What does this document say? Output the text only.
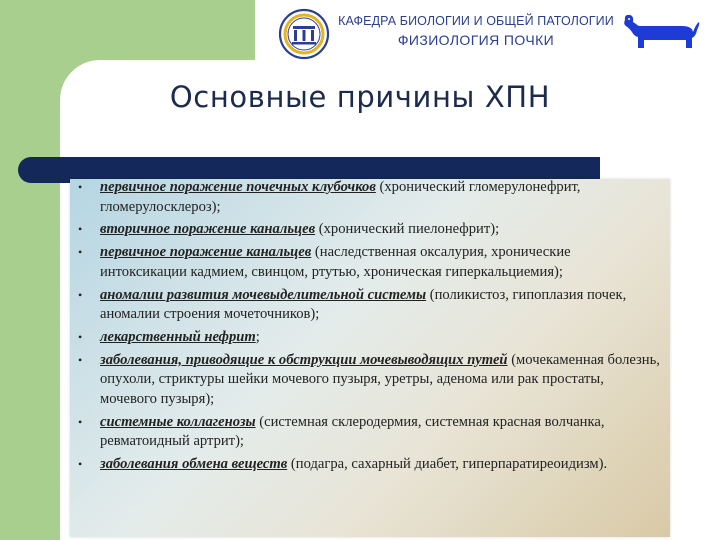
КАФЕДРА БИОЛОГИИ И ОБЩЕЙ ПАТОЛОГИИ
ФИЗИОЛОГИЯ ПОЧКИ
Основные причины ХПН
• первичное поражение почечных клубочков (хронический гломерулонефрит, гломерулосклероз);
• вторичное поражение канальцев (хронический пиелонефрит);
• первичное поражение канальцев (наследственная оксалурия, хронические интоксикации кадмием, свинцом, ртутью, хроническая гиперкальциемия);
• аномалии развития мочевыделительной системы (поликистоз, гипоплазия почек, аномалии строения мочеточников);
• лекарственный нефрит;
• заболевания, приводящие к обструкции мочевыводящих путей (мочекаменная болезнь, опухоли, стриктуры шейки мочевого пузыря, уретры, аденома или рак простаты, мочевого пузыря);
• системные коллагенозы (системная склеродермия, системная красная волчанка, ревматоидный артрит);
• заболевания обмена веществ (подагра, сахарный диабет, гиперпаратиреоидизм).
